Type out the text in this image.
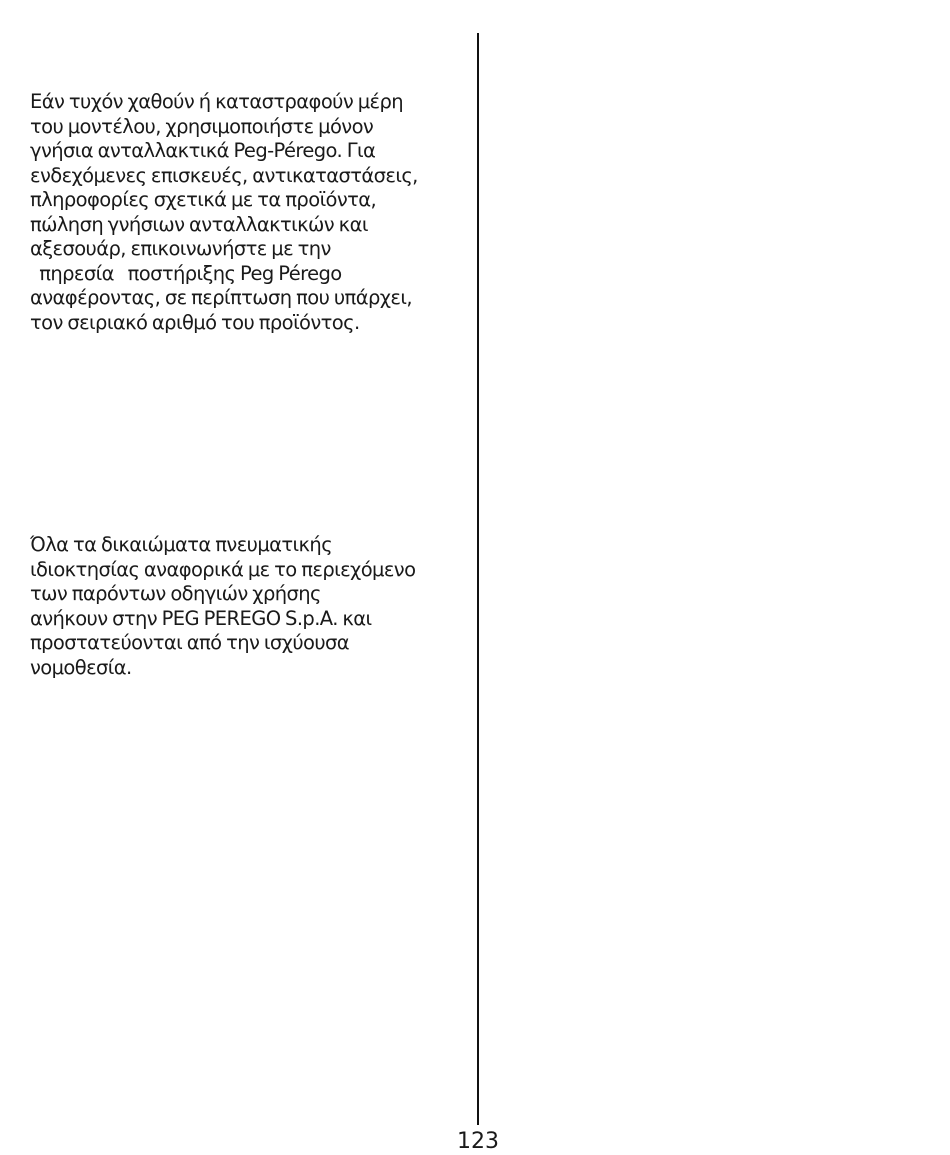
Εάν τυχόν χαθούν ή καταστραφούν μέρη
του μοντέλου, χρησιμοποιήστε μόνον
γνήσια ανταλλακτικά Peg-Pérego. Για
ενδεχόμενες επισκευές, αντικαταστάσεις,
πληροφορίες σχετικά με τα προϊόντα,
πώληση γνήσιων ανταλλακτικών και
αξεσουάρ, επικοινωνήστε με την
πηρεσία   ποστήριξης Peg Pérego
αναφέροντας, σε περίπτωση που υπάρχει,
τον σειριακό αριθμό του προϊόντος.
Όλα τα δικαιώματα πνευματικής
ιδιοκτησίας αναφορικά με το περιεχόμενο
των παρόντων οδηγιών χρήσης
ανήκουν στην PEG PEREGO S.p.A. και
προστατεύονται από την ισχύουσα
νομοθεσία.
123
